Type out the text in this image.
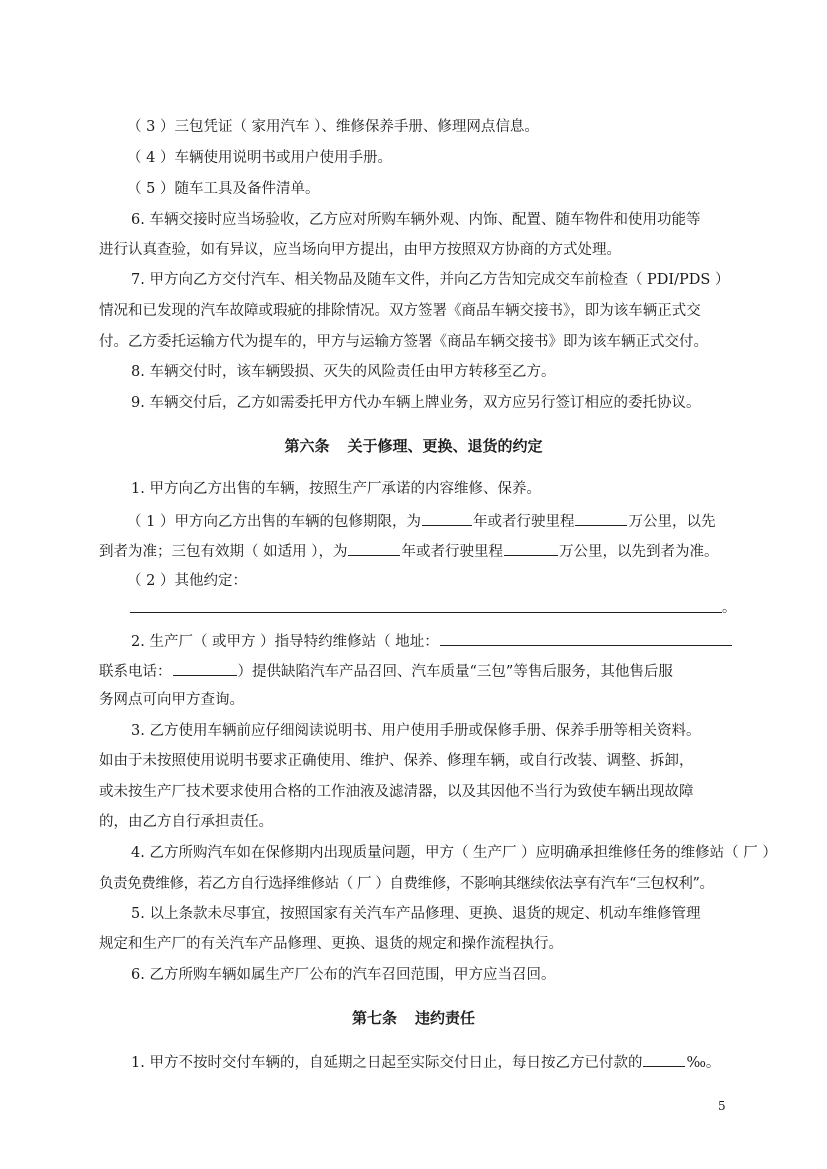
（ 3 ）三包凭证（ 家用汽车 ）、维修保养手册、修理网点信息。
（ 4 ）车辆使用说明书或用户使用手册。
（ 5 ）随车工具及备件清单。
6. 车辆交接时应当场验收，乙方应对所购车辆外观、内饰、配置、随车物件和使用功能等
进行认真查验，如有异议，应当场向甲方提出，由甲方按照双方协商的方式处理。
7. 甲方向乙方交付汽车、相关物品及随车文件，并向乙方告知完成交车前检查（ PDI/PDS ）
情况和已发现的汽车故障或瑕疵的排除情况。双方签署《商品车辆交接书》，即为该车辆正式交
付。乙方委托运输方代为提车的，甲方与运输方签署《商品车辆交接书》即为该车辆正式交付。
8. 车辆交付时，该车辆毁损、灭失的风险责任由甲方转移至乙方。
9. 车辆交付后，乙方如需委托甲方代办车辆上牌业务，双方应另行签订相应的委托协议。
第六条 关于修理、更换、退货的约定
1. 甲方向乙方出售的车辆，按照生产厂承诺的内容维修、保养。
（ 1 ）甲方向乙方出售的车辆的包修期限，为	年或者行驶里程	万公里，以先
到者为准；三包有效期（ 如适用 ），为	年或者行驶里程	万公里，以先到者为准。
（ 2 ）其他约定：
。
2. 生产厂（ 或甲方 ）指导特约维修站（ 地址：
联系电话：	）提供缺陷汽车产品召回、汽车质量“三包”等售后服务，其他售后服
务网点可向甲方查询。
3. 乙方使用车辆前应仔细阅读说明书、用户使用手册或保修手册、保养手册等相关资料。
如由于未按照使用说明书要求正确使用、维护、保养、修理车辆，或自行改装、调整、拆卸，
或未按生产厂技术要求使用合格的工作油液及滤清器，以及其因他不当行为致使车辆出现故障
的，由乙方自行承担责任。
4. 乙方所购汽车如在保修期内出现质量问题，甲方（ 生产厂 ）应明确承担维修任务的维修站（ 厂 ）
负责免费维修，若乙方自行选择维修站（ 厂 ）自费维修，不影响其继续依法享有汽车“三包权利”。
5. 以上条款未尽事宜，按照国家有关汽车产品修理、更换、退货的规定、机动车维修管理
规定和生产厂的有关汽车产品修理、更换、退货的规定和操作流程执行。
6. 乙方所购车辆如属生产厂公布的汽车召回范围，甲方应当召回。
第七条 违约责任
1. 甲方不按时交付车辆的，自延期之日起至实际交付日止，每日按乙方已付款的	‰。
5
